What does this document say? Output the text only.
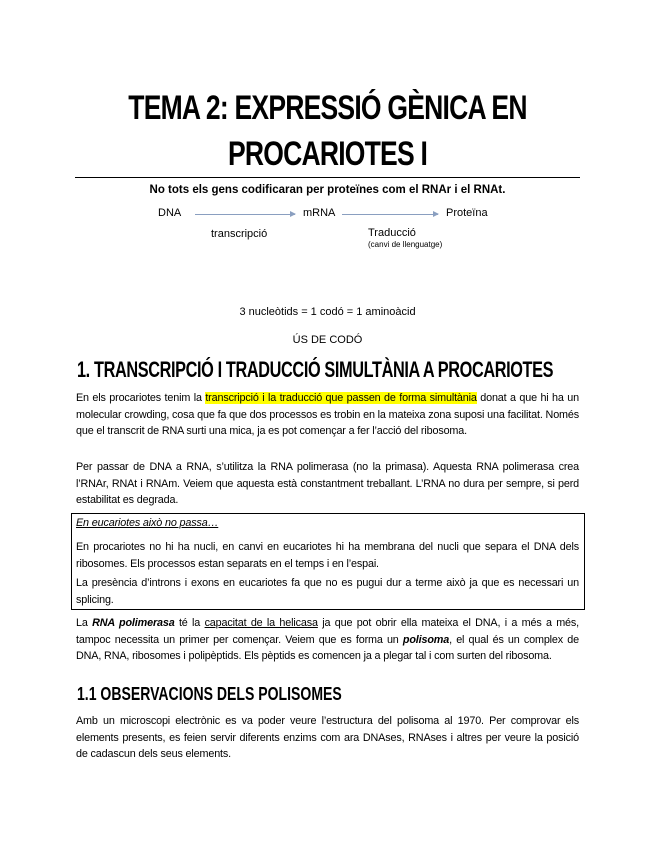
TEMA 2: EXPRESSIÓ GÈNICA EN
PROCARIOTES I
No tots els gens codificaran per proteïnes com el RNAr i el RNAt.
DNA	mRNA	Proteïna
transcripció	Traducció
(canvi de llenguatge)
3 nucleòtids = 1 codó = 1 aminoàcid
ÚS DE CODÓ
1. TRANSCRIPCIÓ I TRADUCCIÓ SIMULTÀNIA A PROCARIOTES
En els procariotes tenim la transcripció i la traducció que passen de forma simultània donat a que hi ha un molecular crowding, cosa que fa que dos processos es trobin en la mateixa zona suposi una facilitat. Només que el transcrit de RNA surti una mica, ja es pot començar a fer l’acció del ribosoma.
Per passar de DNA a RNA, s’utilitza la RNA polimerasa (no la primasa). Aquesta RNA polimerasa crea l’RNAr, RNAt i RNAm. Veiem que aquesta està constantment treballant. L’RNA no dura per sempre, si perd estabilitat es degrada.
En eucariotes això no passa…
En procariotes no hi ha nucli, en canvi en eucariotes hi ha membrana del nucli que separa el DNA dels ribosomes. Els processos estan separats en el temps i en l’espai.
La presència d’introns i exons en eucariotes fa que no es pugui dur a terme això ja que es necessari un splicing.
La RNA polimerasa té la capacitat de la helicasa ja que pot obrir ella mateixa el DNA, i a més a més, tampoc necessita un primer per començar. Veiem que es forma un polisoma, el qual és un complex de DNA, RNA, ribosomes i polipèptids. Els pèptids es comencen ja a plegar tal i com surten del ribosoma.
1.1 OBSERVACIONS DELS POLISOMES
Amb un microscopi electrònic es va poder veure l’estructura del polisoma al 1970. Per comprovar els elements presents, es feien servir diferents enzims com ara DNAses, RNAses i altres per veure la posició de cadascun dels seus elements.
